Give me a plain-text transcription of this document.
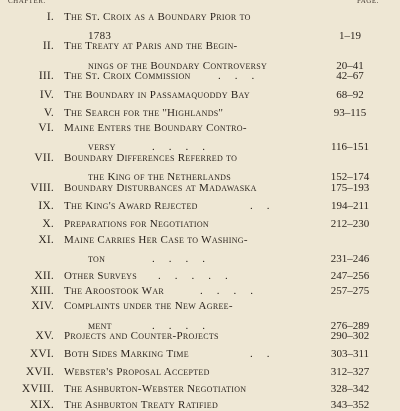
CHAPTER.	PAGE.
I. The St. Croix as a Boundary Prior to
1783	1–19
II. The Treaty at Paris and the Begin-
nings of the Boundary Controversy	20–41
III. The St. Croix Commission ...	42–67
IV. The Boundary in Passamaquoddy Bay	68–92
V. The Search for the ''Highlands''	93–115
VI. Maine Enters the Boundary Contro-
versy	....	116–151
VII. Boundary Differences Referred to
the King of the Netherlands	152–174
VIII. Boundary Disturbances at Madawaska	175–193
IX. The King's Award Rejected	..	194–211
X. Preparations for Negotiation	212–230
XI. Maine Carries Her Case to Washing-
ton	....	231–246
XII. Other Surveys .....	247–256
XIII. The Aroostook War	....	257–275
XIV. Complaints under the New Agree-
ment	....	276–289
XV. Projects and Counter-Projects	290–302
XVI. Both Sides Marking Time	..	303–311
XVII. Webster's Proposal Accepted	312–327
XVIII. The Ashburton-Webster Negotiation	328–342
XIX. The Ashburton Treaty Ratified	343–352
